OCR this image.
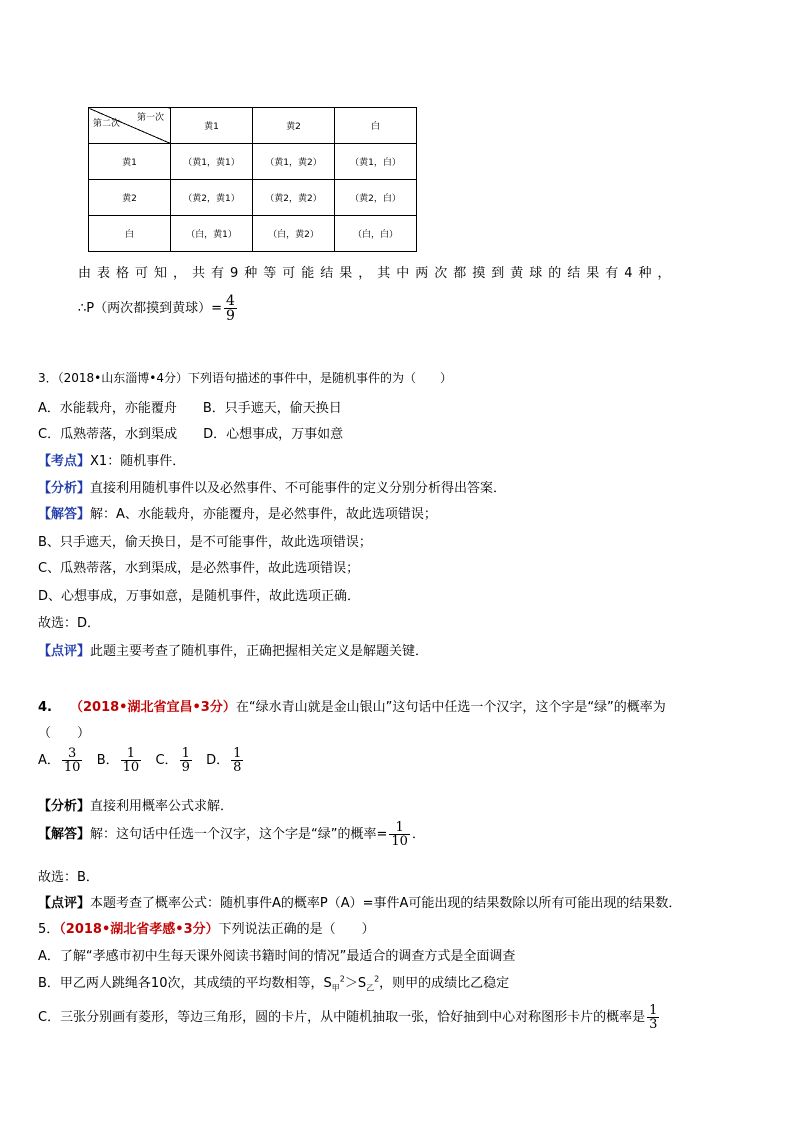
第一次
第二次	黄1	黄2	白
黄1	（黄1，黄1）	（黄1，黄2）	（黄1，白）
黄2	（黄2，黄1）	（黄2，黄2）	（黄2，白）
白	（白，黄1）	（白，黄2）	（白，白）
由表格可知，共有9种等可能结果，其中两次都摸到黄球的结果有4种，
∴P（两次都摸到黄球）= $\frac{4}{9}$
3．（2018•山东淄博•4分）下列语句描述的事件中，是随机事件的为（　　）
A．水能载舟，亦能覆舟　　B．只手遮天，偷天换日
C．瓜熟蒂落，水到渠成　　D．心想事成，万事如意
【考点】X1：随机事件．
【分析】直接利用随机事件以及必然事件、不可能事件的定义分别分析得出答案．
【解答】解：A、水能载舟，亦能覆舟，是必然事件，故此选项错误；
B、只手遮天，偷天换日，是不可能事件，故此选项错误；
C、瓜熟蒂落，水到渠成，是必然事件，故此选项错误；
D、心想事成，万事如意，是随机事件，故此选项正确．
故选：D．
【点评】此题主要考查了随机事件，正确把握相关定义是解题关键．
4. （2018•湖北省宜昌•3分）在“绿水青山就是金山银山”这句话中任选一个汉字，这个字是“绿”的概率为
（　　）
A． $\frac{3}{10}$ B． $\frac{1}{10}$ C． $\frac{1}{9}$ D． $\frac{1}{8}$
【分析】直接利用概率公式求解．
【解答】解：这句话中任选一个汉字，这个字是“绿”的概率= $\frac{1}{10}$ ．
故选：B．
【点评】本题考查了概率公式：随机事件A的概率P（A）=事件A可能出现的结果数除以所有可能出现的结果数．
5．（2018•湖北省孝感•3分）下列说法正确的是（　　）
A．了解“孝感市初中生每天课外阅读书籍时间的情况”最适合的调查方式是全面调查
B．甲乙两人跳绳各10次，其成绩的平均数相等，$S_甲^2>S_乙^2$，则甲的成绩比乙稳定
C．三张分别画有菱形，等边三角形，圆的卡片，从中随机抽取一张，恰好抽到中心对称图形卡片的概率是 $\frac{1}{3}$
